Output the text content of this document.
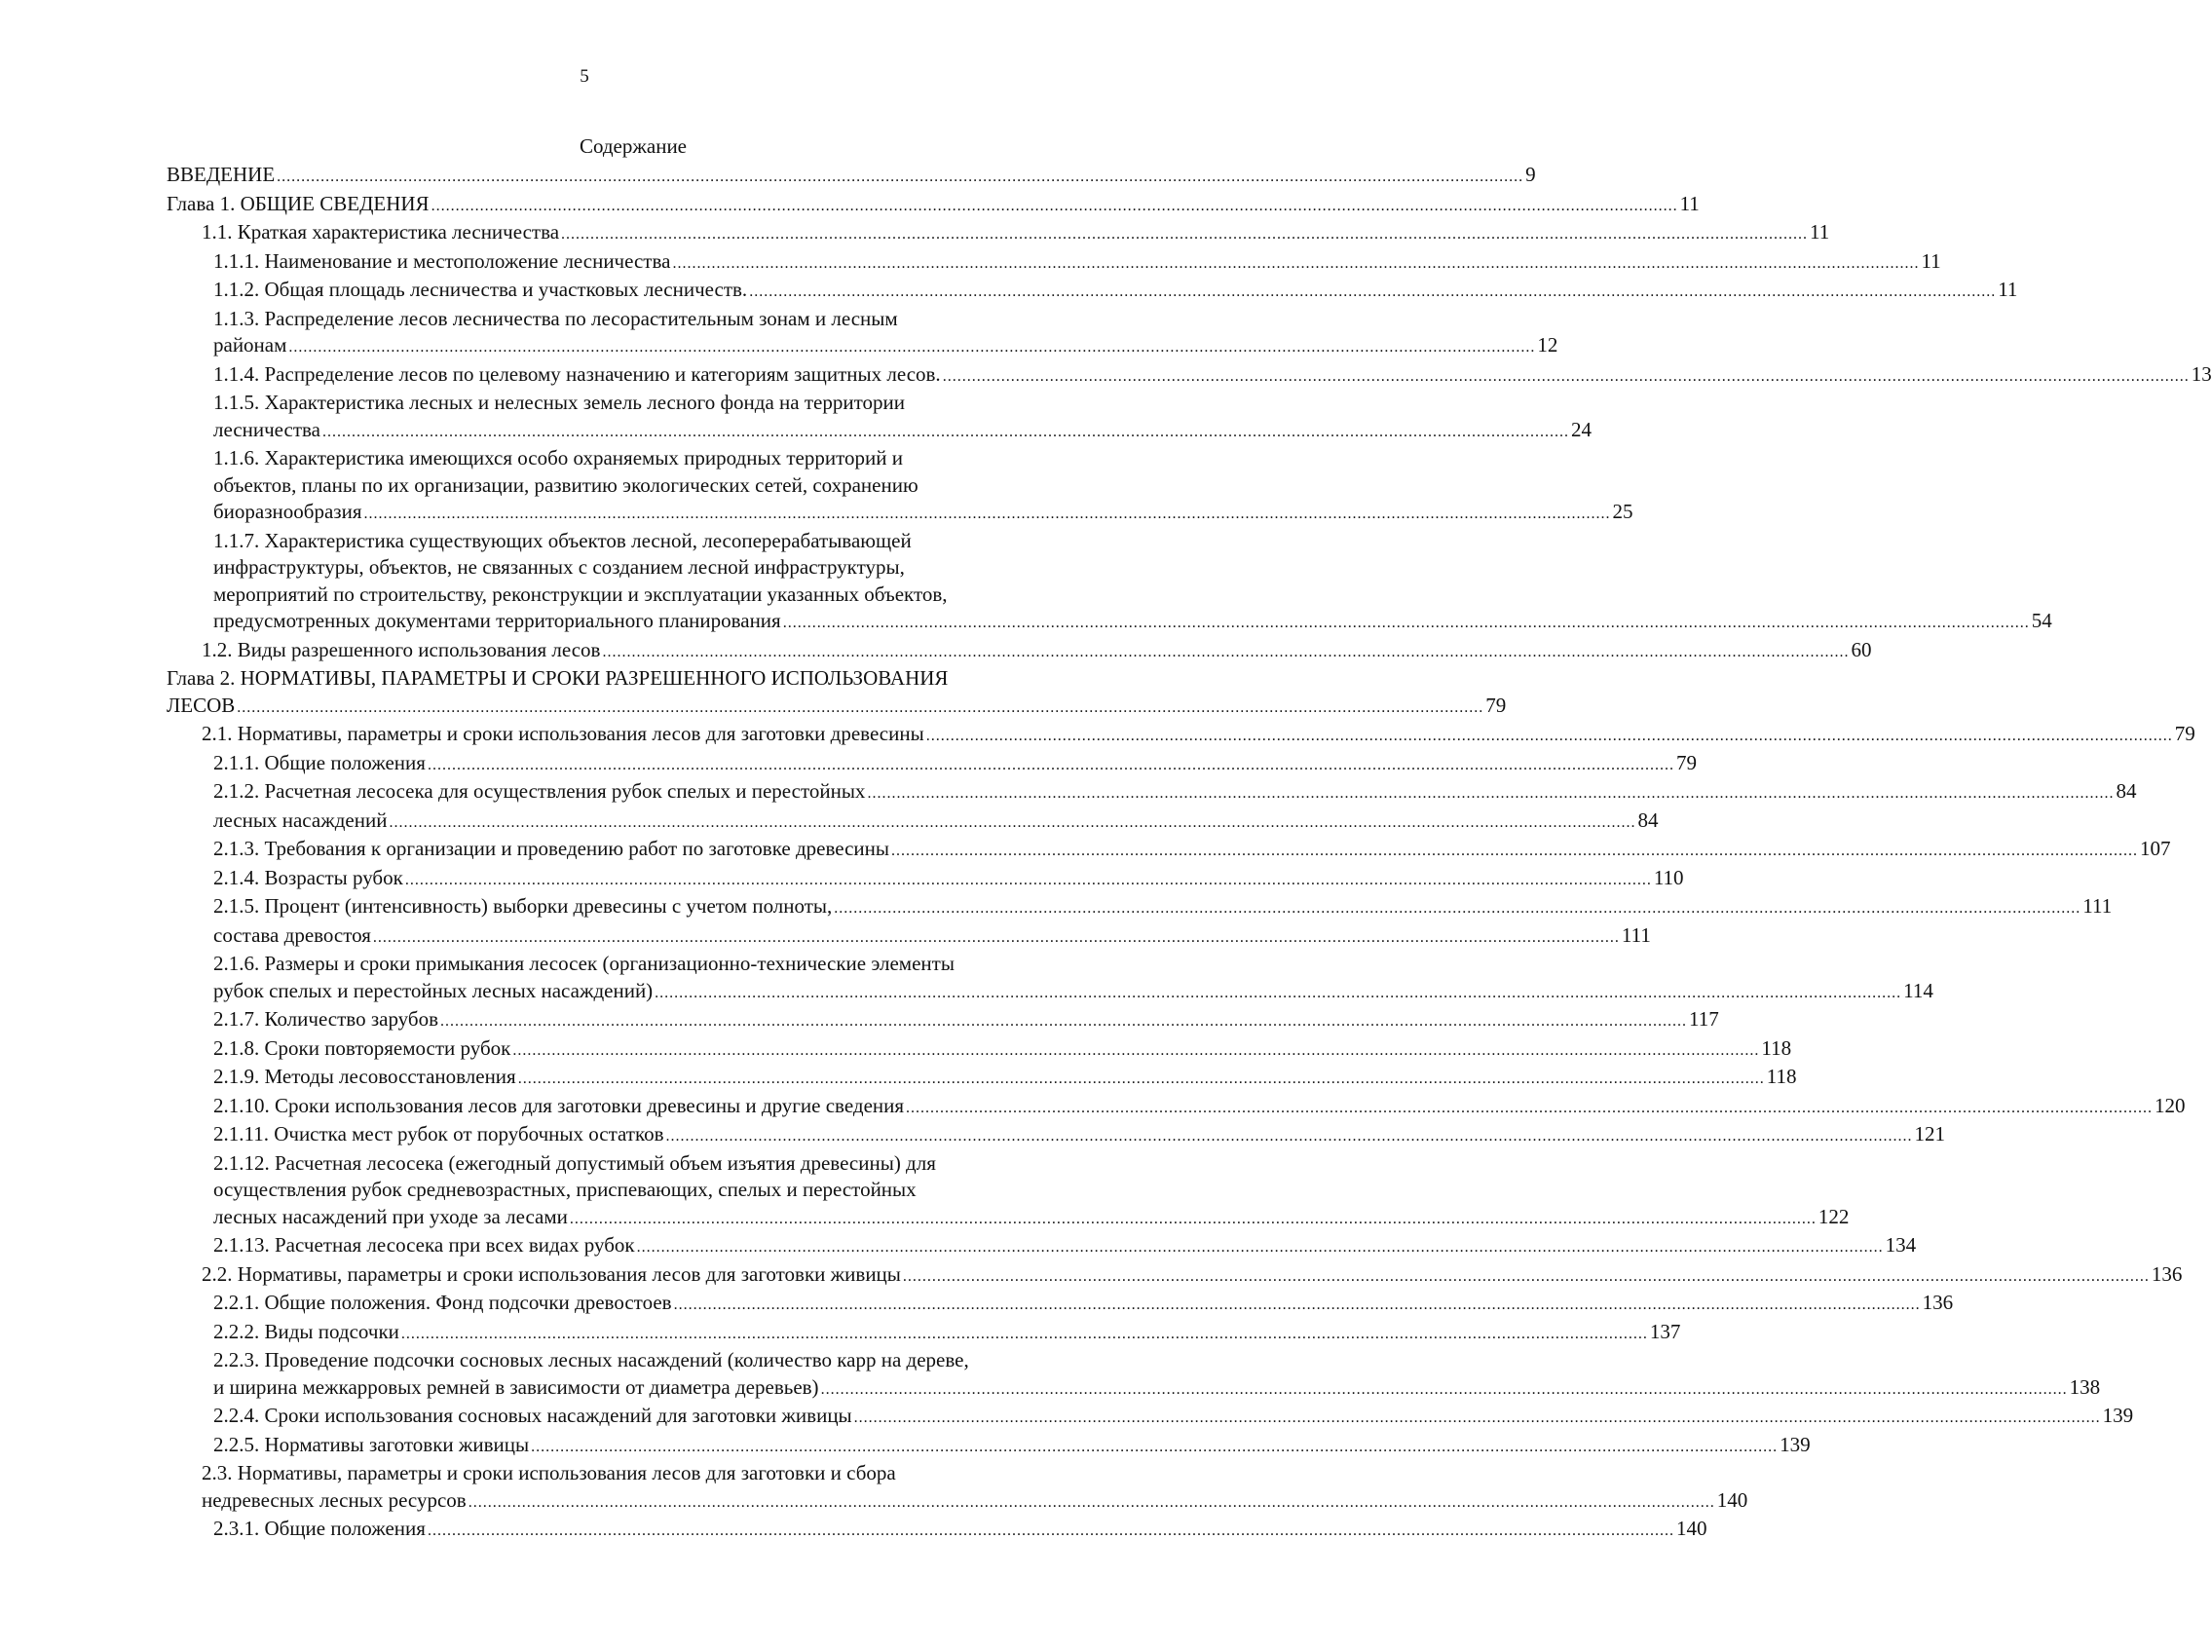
5
Содержание
ВВЕДЕНИЕ .....	9
Глава 1. ОБЩИЕ СВЕДЕНИЯ .....	11
1.1. Краткая характеристика лесничества .....	11
1.1.1. Наименование и местоположение лесничества .....	11
1.1.2. Общая площадь лесничества и участковых лесничеств. .....	11
1.1.3. Распределение лесов лесничества по лесорастительным зонам и лесным
районам .....	12
1.1.4. Распределение лесов по целевому назначению и категориям защитных лесов. .....	13
1.1.5. Характеристика лесных и нелесных земель лесного фонда на территории
лесничества .....	24
1.1.6. Характеристика имеющихся особо охраняемых природных территорий и
объектов, планы по их организации, развитию экологических сетей, сохранению
биоразнообразия .....	25
1.1.7. Характеристика существующих объектов лесной, лесоперерабатывающей
инфраструктуры, объектов, не связанных с созданием лесной инфраструктуры,
мероприятий по строительству, реконструкции и эксплуатации указанных объектов,
предусмотренных документами территориального планирования .....	54
1.2. Виды разрешенного использования лесов .....	60
Глава 2. НОРМАТИВЫ, ПАРАМЕТРЫ И СРОКИ РАЗРЕШЕННОГО ИСПОЛЬЗОВАНИЯ
ЛЕСОВ .....	79
2.1. Нормативы, параметры и сроки использования лесов для заготовки древесины .....	79
2.1.1. Общие положения .....	79
2.1.2. Расчетная лесосека для осуществления рубок спелых и перестойных .....	84
лесных насаждений .....	84
2.1.3. Требования к организации и проведению работ по заготовке древесины .....	107
2.1.4. Возрасты рубок .....	110
2.1.5. Процент (интенсивность) выборки древесины с учетом полноты, .....	111
состава древостоя .....	111
2.1.6. Размеры и сроки примыкания лесосек (организационно-технические элементы
рубок спелых и перестойных лесных насаждений) .....	114
2.1.7. Количество зарубов .....	117
2.1.8. Сроки повторяемости рубок .....	118
2.1.9. Методы лесовосстановления .....	118
2.1.10. Сроки использования лесов для заготовки древесины и другие сведения .....	120
2.1.11. Очистка мест рубок от порубочных остатков .....	121
2.1.12. Расчетная лесосека (ежегодный допустимый объем изъятия древесины) для
осуществления рубок средневозрастных, приспевающих, спелых и перестойных
лесных насаждений при уходе за лесами .....	122
2.1.13. Расчетная лесосека при всех видах рубок .....	134
2.2. Нормативы, параметры и сроки использования лесов для заготовки живицы .....	136
2.2.1. Общие положения. Фонд подсочки древостоев .....	136
2.2.2. Виды подсочки .....	137
2.2.3. Проведение подсочки сосновых лесных насаждений (количество карр на дереве,
и ширина межкарровых ремней в зависимости от диаметра деревьев) .....	138
2.2.4. Сроки использования сосновых насаждений для заготовки живицы .....	139
2.2.5. Нормативы заготовки живицы .....	139
2.3. Нормативы, параметры и сроки использования лесов для заготовки и сбора
недревесных лесных ресурсов .....	140
2.3.1. Общие положения .....	140
